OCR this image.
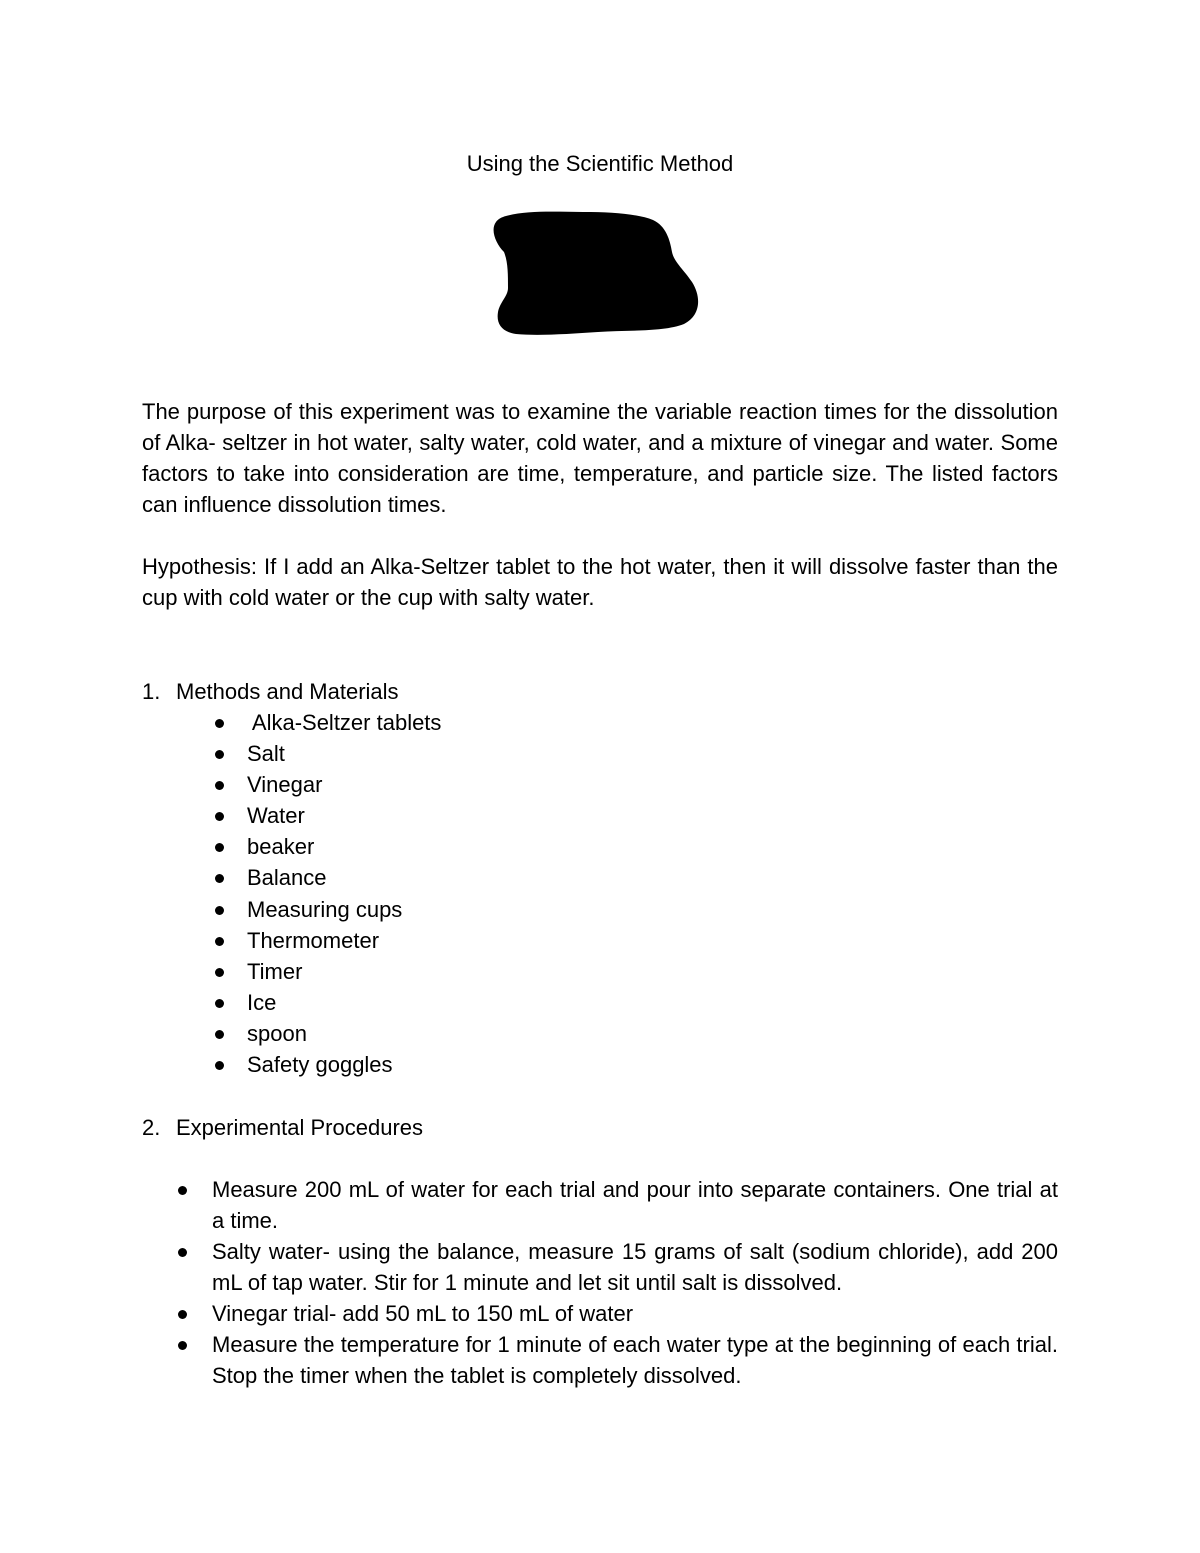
Using the Scientific Method

The purpose of this experiment was to examine the variable reaction times for the dissolution of Alka- seltzer in hot water, salty water, cold water, and a mixture of vinegar and water. Some factors to take into consideration are time, temperature, and particle size. The listed factors can influence dissolution times.

Hypothesis: If I add an Alka-Seltzer tablet to the hot water, then it will dissolve faster than the cup with cold water or the cup with salty water.

1. Methods and Materials
Alka-Seltzer tablets
Salt
Vinegar
Water
beaker
Balance
Measuring cups
Thermometer
Timer
Ice
spoon
Safety goggles
2. Experimental Procedures
Measure 200 mL of water for each trial and pour into separate containers. One trial at a time.
Salty water- using the balance, measure 15 grams of salt (sodium chloride), add 200 mL of tap water. Stir for 1 minute and let sit until salt is dissolved.
Vinegar trial- add 50 mL to 150 mL of water
Measure the temperature for 1 minute of each water type at the beginning of each trial. Stop the timer when the tablet is completely dissolved.
